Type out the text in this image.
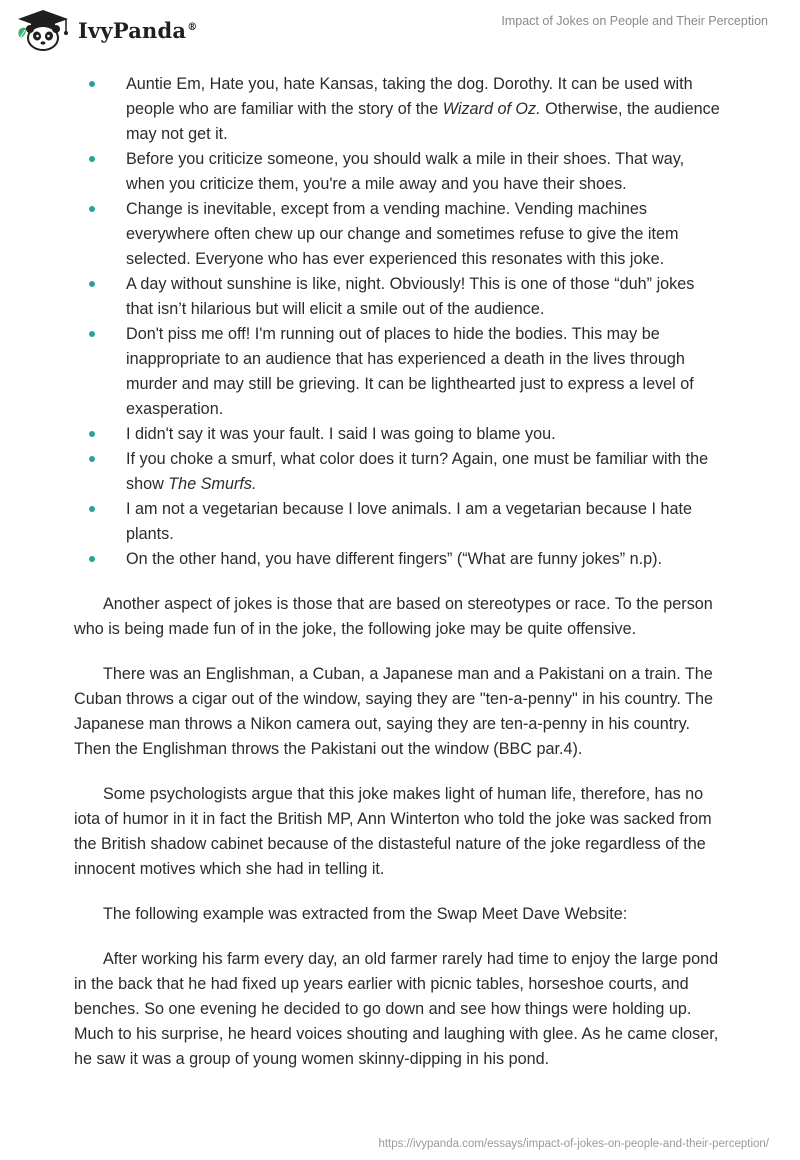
IvyPanda®	Impact of Jokes on People and Their Perception
Auntie Em, Hate you, hate Kansas, taking the dog. Dorothy. It can be used with people who are familiar with the story of the Wizard of Oz. Otherwise, the audience may not get it.
Before you criticize someone, you should walk a mile in their shoes. That way, when you criticize them, you're a mile away and you have their shoes.
Change is inevitable, except from a vending machine. Vending machines everywhere often chew up our change and sometimes refuse to give the item selected. Everyone who has ever experienced this resonates with this joke.
A day without sunshine is like, night. Obviously! This is one of those “duh” jokes that isn’t hilarious but will elicit a smile out of the audience.
Don't piss me off! I'm running out of places to hide the bodies. This may be inappropriate to an audience that has experienced a death in the lives through murder and may still be grieving. It can be lighthearted just to express a level of exasperation.
I didn't say it was your fault. I said I was going to blame you.
If you choke a smurf, what color does it turn? Again, one must be familiar with the show The Smurfs.
I am not a vegetarian because I love animals. I am a vegetarian because I hate plants.
On the other hand, you have different fingers” (“What are funny jokes” n.p).

Another aspect of jokes is those that are based on stereotypes or race. To the person who is being made fun of in the joke, the following joke may be quite offensive.

There was an Englishman, a Cuban, a Japanese man and a Pakistani on a train. The Cuban throws a cigar out of the window, saying they are "ten-a-penny" in his country. The Japanese man throws a Nikon camera out, saying they are ten-a-penny in his country. Then the Englishman throws the Pakistani out the window (BBC par.4).

Some psychologists argue that this joke makes light of human life, therefore, has no iota of humor in it in fact the British MP, Ann Winterton who told the joke was sacked from the British shadow cabinet because of the distasteful nature of the joke regardless of the innocent motives which she had in telling it.

The following example was extracted from the Swap Meet Dave Website:

After working his farm every day, an old farmer rarely had time to enjoy the large pond in the back that he had fixed up years earlier with picnic tables, horseshoe courts, and benches. So one evening he decided to go down and see how things were holding up. Much to his surprise, he heard voices shouting and laughing with glee. As he came closer, he saw it was a group of young women skinny-dipping in his pond.

https://ivypanda.com/essays/impact-of-jokes-on-people-and-their-perception/
